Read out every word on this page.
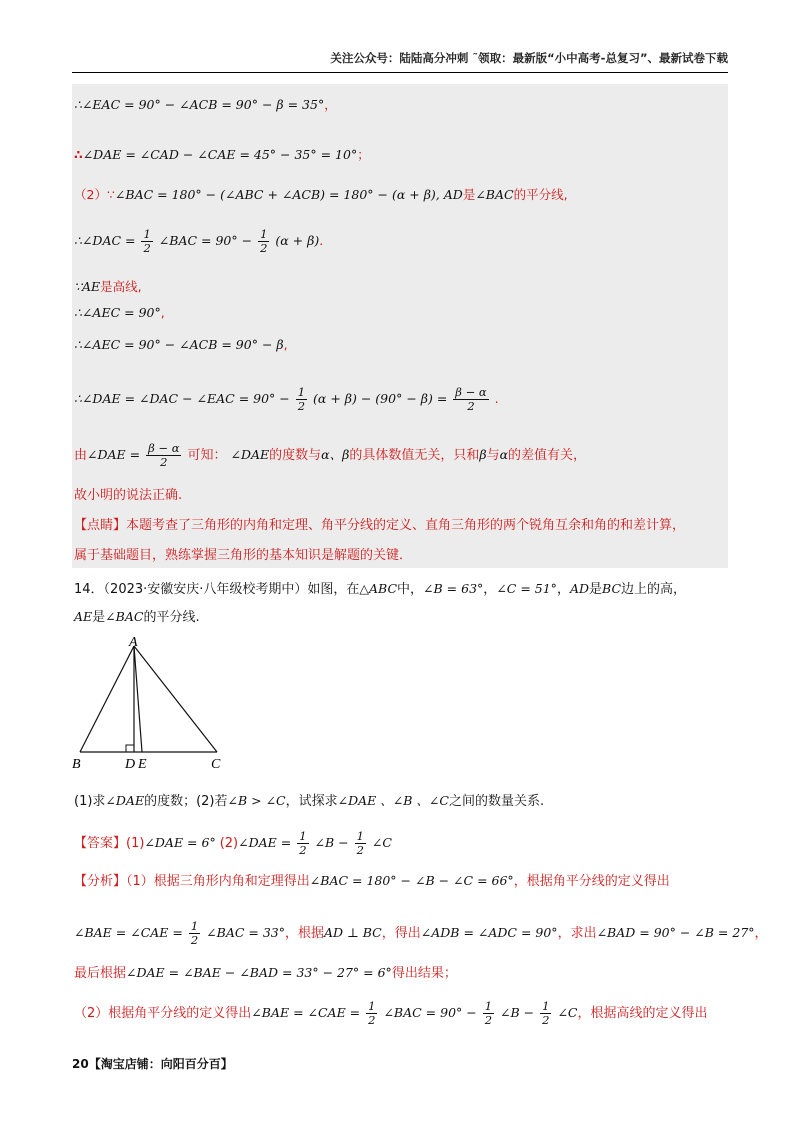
关注公众号：陆陆高分冲刺 ˜领取：最新版“小中高考-总复习”、最新试卷下载
∴∠EAC = 90° − ∠ACB = 90° − β = 35°，
∴∠DAE = ∠CAD − ∠CAE = 45° − 35° = 10°；
（2）∵∠BAC = 180° − (∠ABC + ∠ACB) = 180° − (α + β), AD是∠BAC的平分线,
∴∠DAC = $\frac{1}{2}$ ∠BAC = $90^\circ - \frac{1}{2} (\alpha + \beta)$.
∵AE是高线,
∴∠AEC = 90°,
∴∠AEC = 90° − ∠ACB = 90° − β,
∴∠DAE = ∠DAC − ∠EAC = $90^\circ - \frac{1}{2} (\alpha + \beta) - (90^\circ - \beta) = \frac{\beta - \alpha}{2}$ .
由∠DAE = $\frac{\beta - \alpha}{2}$ 可知： ∠DAE的度数与α、β的具体数值无关，只和β与α的差值有关，
故小明的说法正确.
【点睛】本题考查了三角形的内角和定理、角平分线的定义、直角三角形的两个锐角互余和角的和差计算，
属于基础题目，熟练掌握三角形的基本知识是解题的关键．
14．（2023·安徽安庆·八年级校考期中）如图，在△ABC中，∠B = 63°，∠C = 51°，AD是BC边上的高，
AE是∠BAC的平分线.
A
B	D E	C
(1)求∠DAE的度数；(2)若∠B > ∠C，试探求∠DAE 、∠B 、∠C之间的数量关系.
【答案】(1)∠DAE = 6° (2)∠DAE = $\frac{1}{2}$ ∠B − $\frac{1}{2}$ ∠C
【分析】（1）根据三角形内角和定理得出∠BAC = 180° − ∠B − ∠C = 66°，根据角平分线的定义得出
∠BAE = ∠CAE = $\frac{1}{2}$ ∠BAC = 33°，根据AD ⊥ BC，得出∠ADB = ∠ADC = 90°，求出∠BAD = 90° − ∠B = 27°，
最后根据∠DAE = ∠BAE − ∠BAD = 33° − 27° = 6°得出结果；
（2）根据角平分线的定义得出∠BAE = ∠CAE = $\frac{1}{2}$ ∠BAC = $90^\circ - \frac{1}{2}$ ∠B − $\frac{1}{2}$ ∠C，根据高线的定义得出
20【淘宝店铺：向阳百分百】
